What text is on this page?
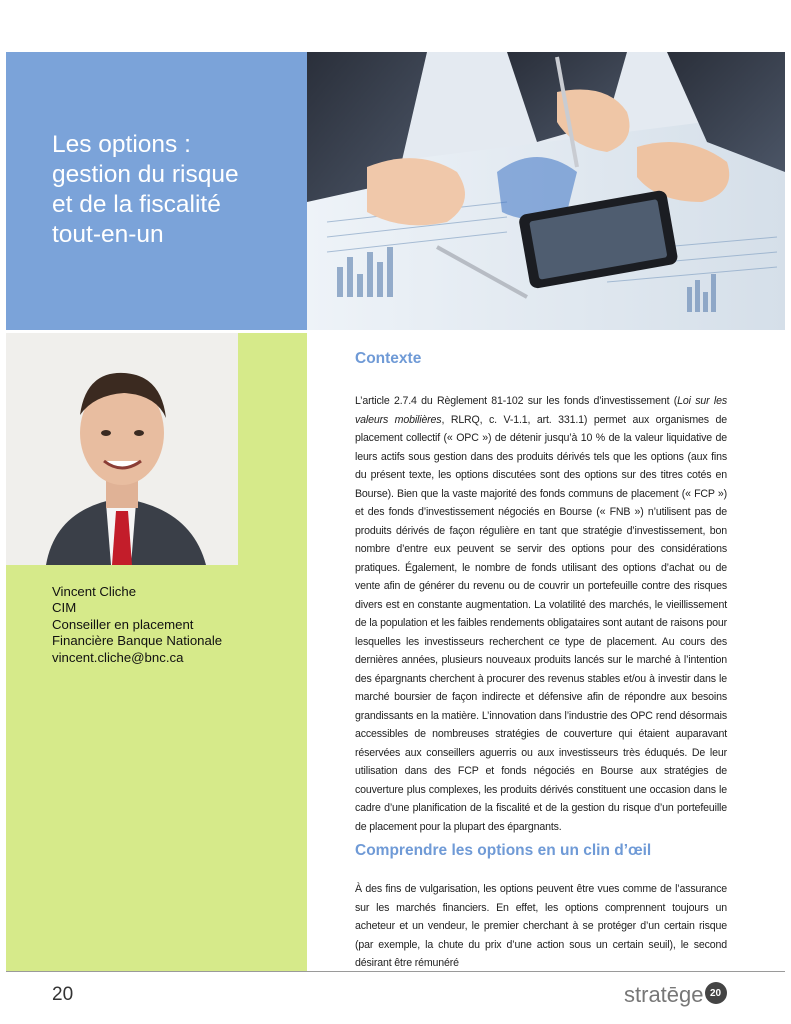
Les options :
gestion du risque
et de la fiscalité
tout-en-un
Vincent Cliche
CIM
Conseiller en placement
Financière Banque Nationale
vincent.cliche@bnc.ca
Contexte

L’article 2.7.4 du Règlement 81-102 sur les fonds d’investissement (Loi sur les valeurs mobilières, RLRQ, c. V-1.1, art. 331.1) permet aux organismes de placement collectif (« OPC ») de détenir jusqu’à 10 % de la valeur liquidative de leurs actifs sous gestion dans des produits dérivés tels que les options (aux fins du présent texte, les options discutées sont des options sur des titres cotés en Bourse). Bien que la vaste majorité des fonds communs de placement (« FCP ») et des fonds d’investissement négociés en Bourse (« FNB ») n’utilisent pas de produits dérivés de façon régulière en tant que stratégie d’investissement, bon nombre d’entre eux peuvent se servir des options pour des considérations pratiques. Également, le nombre de fonds utilisant des options d’achat ou de vente afin de générer du revenu ou de couvrir un portefeuille contre des risques divers est en constante augmentation. La volatilité des marchés, le vieillissement de la population et les faibles rendements obligataires sont autant de raisons pour lesquelles les investisseurs recherchent ce type de placement. Au cours des dernières années, plusieurs nouveaux produits lancés sur le marché à l’intention des épargnants cherchent à procurer des revenus stables et/ou à investir dans le marché boursier de façon indirecte et défensive afin de répondre aux besoins grandissants en la matière. L’innovation dans l’industrie des OPC rend désormais accessibles de nombreuses stratégies de couverture qui étaient auparavant réservées aux conseillers aguerris ou aux investisseurs très éduqués. De leur utilisation dans des FCP et fonds négociés en Bourse aux stratégies de couverture plus complexes, les produits dérivés constituent une occasion dans le cadre d’une planification de la fiscalité et de la gestion du risque d’un portefeuille de placement pour la plupart des épargnants.

Comprendre les options en un clin d’œil

À des fins de vulgarisation, les options peuvent être vues comme de l’assurance sur les marchés financiers. En effet, les options comprennent toujours un acheteur et un vendeur, le premier cherchant à se protéger d’un certain risque (par exemple, la chute du prix d’une action sous un certain seuil), le second désirant être rémunéré

20	stratēge 20
